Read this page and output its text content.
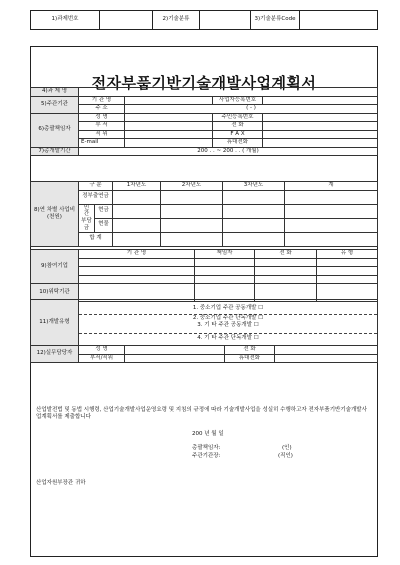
1)과제번호	2)기술분류	3)기술분류Code
전자부품기반기술개발사업계획서
4)과 제 명				
5)주관기관	기 관 명		사업자등록번호	
	주 소	( - )		
6)총괄책임자	성 명		주민등록번호	
	부 서		전 화	
	직 위		F A X	
	E-mail		휴대전화	
7)총개발기간	200 . . ~ 200 . . ( 개월)			
8)연 차별 사업비 (천원)	구 분		1차년도	2차년도	3차년도	계
	정부출연금					
	민 간 부담금	현금				
		현물				
	합 계					
9)참여기업	기 관 명	책임자	전 화	유 형

10)위탁기관				
11)개발유형	
1. 중소기업 주관 공동개발 ☐
2. 중소기업 주관 단독개발 ☐
3. 기 타 주관 공동개발 ☐
4. 기 타 주관 단독개발 ☐
12)실무담당자	성 명		전 화	
	부서/직위		휴대전화	
산업발전법 및 동법 시행령, 산업기술개발사업운영요령 및 지침의 규정에 따라 기술개발사업을 성실히 수행하고자 전자부품기반기술개발사업계획서를 제출합니다
200 년 월 일
총괄책임자:	(인)
주관기관장:	(직인)
산업자원부장관 귀하
